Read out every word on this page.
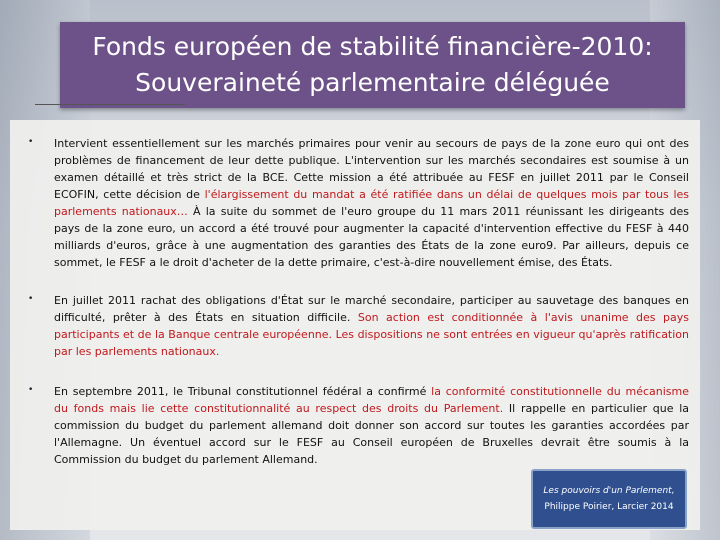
Fonds européen de stabilité financière-2010:
Souveraineté parlementaire déléguée
• Intervient essentiellement sur les marchés primaires pour venir au secours de pays de la zone euro qui ont des problèmes de financement de leur dette publique. L'intervention sur les marchés secondaires est soumise à un examen détaillé et très strict de la BCE. Cette mission a été attribuée au FESF en juillet 2011 par le Conseil ECOFIN, cette décision de l'élargissement du mandat a été ratifiée dans un délai de quelques mois par tous les parlements nationaux… À la suite du sommet de l'euro groupe du 11 mars 2011 réunissant les dirigeants des pays de la zone euro, un accord a été trouvé pour augmenter la capacité d'intervention effective du FESF à 440 milliards d'euros, grâce à une augmentation des garanties des États de la zone euro9. Par ailleurs, depuis ce sommet, le FESF a le droit d'acheter de la dette primaire, c'est-à-dire nouvellement émise, des États.
• En juillet 2011 rachat des obligations d'État sur le marché secondaire, participer au sauvetage des banques en difficulté, prêter à des États en situation difficile. Son action est conditionnée à l'avis unanime des pays participants et de la Banque centrale européenne. Les dispositions ne sont entrées en vigueur qu'après ratification par les parlements nationaux.
• En septembre 2011, le Tribunal constitutionnel fédéral a confirmé la conformité constitutionnelle du mécanisme du fonds mais lie cette constitutionnalité au respect des droits du Parlement. Il rappelle en particulier que la commission du budget du parlement allemand doit donner son accord sur toutes les garanties accordées par l'Allemagne. Un éventuel accord sur le FESF au Conseil européen de Bruxelles devrait être soumis à la Commission du budget du parlement Allemand.
Les pouvoirs d'un Parlement,
Philippe Poirier, Larcier 2014
